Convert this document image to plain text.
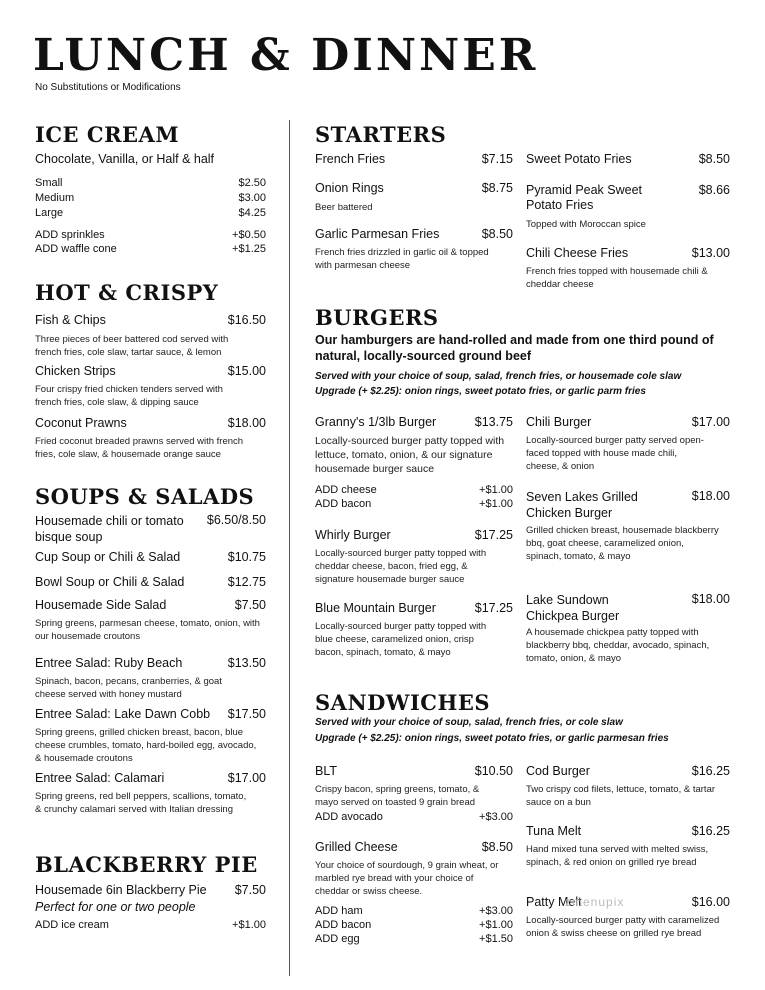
LUNCH & DINNER
No Substitutions or Modifications
ICE CREAM
Chocolate, Vanilla, or Half & half
Small	$2.50
Medium	$3.00
Large	$4.25
ADD sprinkles	+$0.50
ADD waffle cone	+$1.25
HOT & CRISPY
Fish & Chips	$16.50
Three pieces of beer battered cod served with french fries, cole slaw, tartar sauce, & lemon
Chicken Strips	$15.00
Four crispy fried chicken tenders served with french fries, cole slaw, & dipping sauce
Coconut Prawns	$18.00
Fried coconut breaded prawns served with french fries, cole slaw, & housemade orange sauce
SOUPS & SALADS
Housemade chili or tomato bisque soup
$6.50/8.50
Cup Soup or Chili & Salad	$10.75
Bowl Soup or Chili & Salad	$12.75
Housemade Side Salad	$7.50
Spring greens, parmesan cheese, tomato, onion, with our housemade croutons
Entree Salad: Ruby Beach	$13.50
Spinach, bacon, pecans, cranberries, & goat cheese served with honey mustard
Entree Salad: Lake Dawn Cobb	$17.50
Spring greens, grilled chicken breast, bacon, blue cheese crumbles, tomato, hard-boiled egg, avocado, & housemade croutons
Entree Salad: Calamari	$17.00
Spring greens, red bell peppers, scallions, tomato, & crunchy calamari served with Italian dressing
BLACKBERRY PIE
Housemade 6in Blackberry Pie	$7.50
Perfect for one or two people
ADD ice cream	+$1.00
STARTERS
French Fries	$7.15
Onion Rings	$8.75
Beer battered
Garlic Parmesan Fries	$8.50
French fries drizzled in garlic oil & topped with parmesan cheese
Sweet Potato Fries	$8.50
Pyramid Peak Sweet Potato Fries
$8.66
Topped with Moroccan spice
Chili Cheese Fries	$13.00
French fries topped with housemade chili & cheddar cheese
BURGERS
Our hamburgers are hand-rolled and made from one third pound of natural, locally-sourced ground beef
Served with your choice of soup, salad, french fries, or housemade cole slaw
Upgrade (+ $2.25): onion rings, sweet potato fries, or garlic parm fries
Granny's 1/3lb Burger	$13.75
Locally-sourced burger patty topped with lettuce, tomato, onion, & our signature housemade burger sauce
ADD cheese	+$1.00
ADD bacon	+$1.00
Whirly Burger	$17.25
Locally-sourced burger patty topped with cheddar cheese, bacon, fried egg, & signature housemade burger sauce
Blue Mountain Burger	$17.25
Locally-sourced burger patty topped with blue cheese, caramelized onion, crisp bacon, spinach, tomato, & mayo
Chili Burger	$17.00
Locally-sourced burger patty served open-faced topped with house made chili, cheese, & onion
Seven Lakes Grilled Chicken Burger
$18.00
Grilled chicken breast, housemade blackberry bbq, goat cheese, caramelized onion, spinach, tomato, & mayo
Lake Sundown Chickpea Burger
$18.00
A housemade chickpea patty topped with blackberry bbq, cheddar, avocado, spinach, tomato, onion, & mayo
SANDWICHES
Served with your choice of soup, salad, french fries, or cole slaw
Upgrade (+ $2.25): onion rings, sweet potato fries, or garlic parmesan fries
BLT	$10.50
Crispy bacon, spring greens, tomato, & mayo served on toasted 9 grain bread
ADD avocado	+$3.00
Grilled Cheese	$8.50
Your choice of sourdough, 9 grain wheat, or marbled rye bread with your choice of cheddar or swiss cheese.
ADD ham	+$3.00
ADD bacon	+$1.00
ADD egg	+$1.50
Cod Burger	$16.25
Two crispy cod filets, lettuce, tomato, & tartar sauce on a bun
Tuna Melt	$16.25
Hand mixed tuna served with melted swiss, spinach, & red onion on grilled rye bread
Patty Melt	$16.00
Locally-sourced burger patty with caramelized onion & swiss cheese on grilled rye bread
zmenupix
